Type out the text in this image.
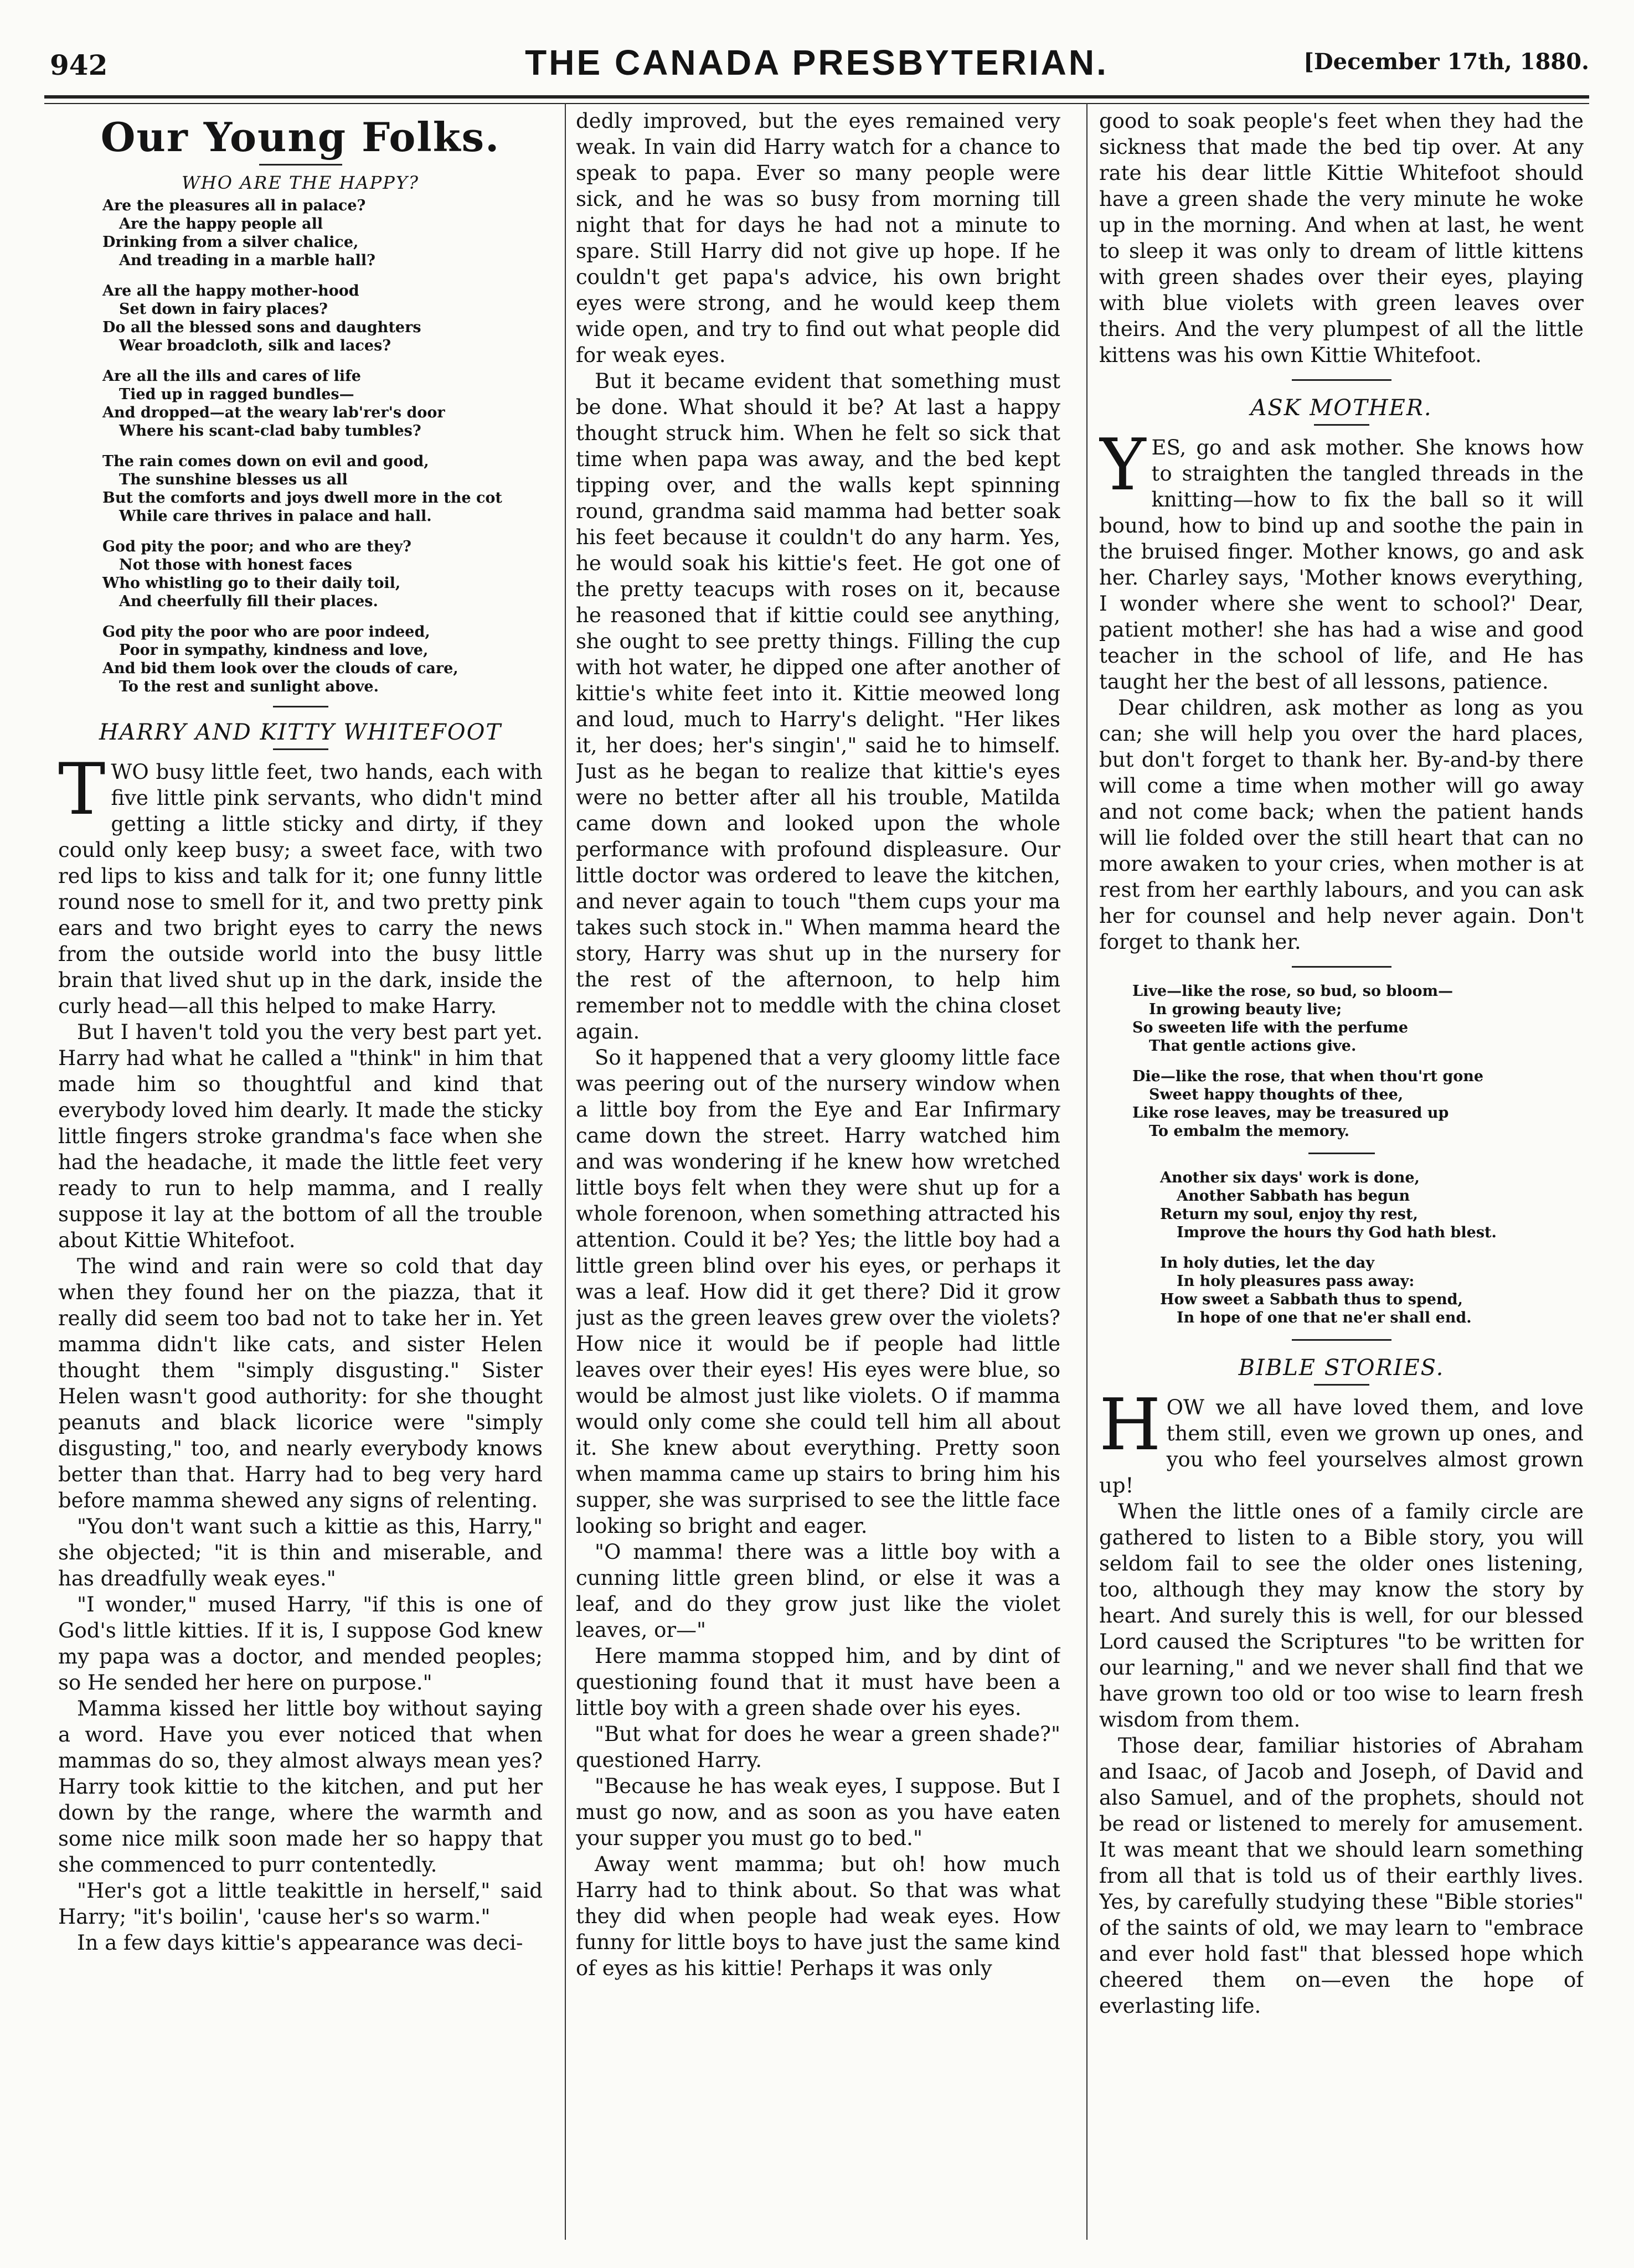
942	THE CANADA PRESBYTERIAN.	[December 17th, 1880.
Our Young Folks.
WHO ARE THE HAPPY?
Are the pleasures all in palace?
Are the happy people all
Drinking from a silver chalice,
And treading in a marble hall?
Are all the happy mother-hood
Set down in fairy places?
Do all the blessed sons and daughters
Wear broadcloth, silk and laces?
Are all the ills and cares of life
Tied up in ragged bundles—
And dropped—at the weary lab'rer's door
Where his scant-clad baby tumbles?
The rain comes down on evil and good,
The sunshine blesses us all
But the comforts and joys dwell more in the cot
While care thrives in palace and hall.
God pity the poor; and who are they?
Not those with honest faces
Who whistling go to their daily toil,
And cheerfully fill their places.
God pity the poor who are poor indeed,
Poor in sympathy, kindness and love,
And bid them look over the clouds of care,
To the rest and sunlight above.
HARRY AND KITTY WHITEFOOT

TWO busy little feet, two hands, each with five little pink servants, who didn't mind getting a little sticky and dirty, if they could only keep busy; a sweet face, with two red lips to kiss and talk for it; one funny little round nose to smell for it, and two pretty pink ears and two bright eyes to carry the news from the outside world into the busy little brain that lived shut up in the dark, inside the curly head—all this helped to make Harry.

But I haven't told you the very best part yet. Harry had what he called a "think" in him that made him so thoughtful and kind that everybody loved him dearly. It made the sticky little fingers stroke grandma's face when she had the headache, it made the little feet very ready to run to help mamma, and I really suppose it lay at the bottom of all the trouble about Kittie Whitefoot.

The wind and rain were so cold that day when they found her on the piazza, that it really did seem too bad not to take her in. Yet mamma didn't like cats, and sister Helen thought them "simply disgusting." Sister Helen wasn't good authority: for she thought peanuts and black licorice were "simply disgusting," too, and nearly everybody knows better than that. Harry had to beg very hard before mamma shewed any signs of relenting.

"You don't want such a kittie as this, Harry," she objected; "it is thin and miserable, and has dreadfully weak eyes."

"I wonder," mused Harry, "if this is one of God's little kitties. If it is, I suppose God knew my papa was a doctor, and mended peoples; so He sended her here on purpose."

Mamma kissed her little boy without saying a word. Have you ever noticed that when mammas do so, they almost always mean yes? Harry took kittie to the kitchen, and put her down by the range, where the warmth and some nice milk soon made her so happy that she commenced to purr contentedly.

"Her's got a little teakittle in herself," said Harry; "it's boilin', 'cause her's so warm."

In a few days kittie's appearance was deci-

dedly improved, but the eyes remained very weak. In vain did Harry watch for a chance to speak to papa. Ever so many people were sick, and he was so busy from morning till night that for days he had not a minute to spare. Still Harry did not give up hope. If he couldn't get papa's advice, his own bright eyes were strong, and he would keep them wide open, and try to find out what people did for weak eyes.

But it became evident that something must be done. What should it be? At last a happy thought struck him. When he felt so sick that time when papa was away, and the bed kept tipping over, and the walls kept spinning round, grandma said mamma had better soak his feet because it couldn't do any harm. Yes, he would soak his kittie's feet. He got one of the pretty teacups with roses on it, because he reasoned that if kittie could see anything, she ought to see pretty things. Filling the cup with hot water, he dipped one after another of kittie's white feet into it. Kittie meowed long and loud, much to Harry's delight. "Her likes it, her does; her's singin'," said he to himself. Just as he began to realize that kittie's eyes were no better after all his trouble, Matilda came down and looked upon the whole performance with profound displeasure. Our little doctor was ordered to leave the kitchen, and never again to touch "them cups your ma takes such stock in." When mamma heard the story, Harry was shut up in the nursery for the rest of the afternoon, to help him remember not to meddle with the china closet again.

So it happened that a very gloomy little face was peering out of the nursery window when a little boy from the Eye and Ear Infirmary came down the street. Harry watched him and was wondering if he knew how wretched little boys felt when they were shut up for a whole forenoon, when something attracted his attention. Could it be? Yes; the little boy had a little green blind over his eyes, or perhaps it was a leaf. How did it get there? Did it grow just as the green leaves grew over the violets? How nice it would be if people had little leaves over their eyes! His eyes were blue, so would be almost just like violets. O if mamma would only come she could tell him all about it. She knew about everything. Pretty soon when mamma came up stairs to bring him his supper, she was surprised to see the little face looking so bright and eager.

"O mamma! there was a little boy with a cunning little green blind, or else it was a leaf, and do they grow just like the violet leaves, or—"

Here mamma stopped him, and by dint of questioning found that it must have been a little boy with a green shade over his eyes.

"But what for does he wear a green shade?" questioned Harry.

"Because he has weak eyes, I suppose. But I must go now, and as soon as you have eaten your supper you must go to bed."

Away went mamma; but oh! how much Harry had to think about. So that was what they did when people had weak eyes. How funny for little boys to have just the same kind of eyes as his kittie! Perhaps it was only

good to soak people's feet when they had the sickness that made the bed tip over. At any rate his dear little Kittie Whitefoot should have a green shade the very minute he woke up in the morning. And when at last, he went to sleep it was only to dream of little kittens with green shades over their eyes, playing with blue violets with green leaves over theirs. And the very plumpest of all the little kittens was his own Kittie Whitefoot.

ASK MOTHER.

YES, go and ask mother. She knows how to straighten the tangled threads in the knitting—how to fix the ball so it will bound, how to bind up and soothe the pain in the bruised finger. Mother knows, go and ask her. Charley says, 'Mother knows everything, I wonder where she went to school?' Dear, patient mother! she has had a wise and good teacher in the school of life, and He has taught her the best of all lessons, patience.

Dear children, ask mother as long as you can; she will help you over the hard places, but don't forget to thank her. By-and-by there will come a time when mother will go away and not come back; when the patient hands will lie folded over the still heart that can no more awaken to your cries, when mother is at rest from her earthly labours, and you can ask her for counsel and help never again. Don't forget to thank her.

Live—like the rose, so bud, so bloom—
In growing beauty live;
So sweeten life with the perfume
That gentle actions give.
Die—like the rose, that when thou'rt gone
Sweet happy thoughts of thee,
Like rose leaves, may be treasured up
To embalm the memory.
Another six days' work is done,
Another Sabbath has begun
Return my soul, enjoy thy rest,
Improve the hours thy God hath blest.
In holy duties, let the day
In holy pleasures pass away:
How sweet a Sabbath thus to spend,
In hope of one that ne'er shall end.
BIBLE STORIES.

HOW we all have loved them, and love them still, even we grown up ones, and you who feel yourselves almost grown up!

When the little ones of a family circle are gathered to listen to a Bible story, you will seldom fail to see the older ones listening, too, although they may know the story by heart. And surely this is well, for our blessed Lord caused the Scriptures "to be written for our learning," and we never shall find that we have grown too old or too wise to learn fresh wisdom from them.

Those dear, familiar histories of Abraham and Isaac, of Jacob and Joseph, of David and also Samuel, and of the prophets, should not be read or listened to merely for amusement. It was meant that we should learn something from all that is told us of their earthly lives. Yes, by carefully studying these "Bible stories" of the saints of old, we may learn to "embrace and ever hold fast" that blessed hope which cheered them on—even the hope of everlasting life.
